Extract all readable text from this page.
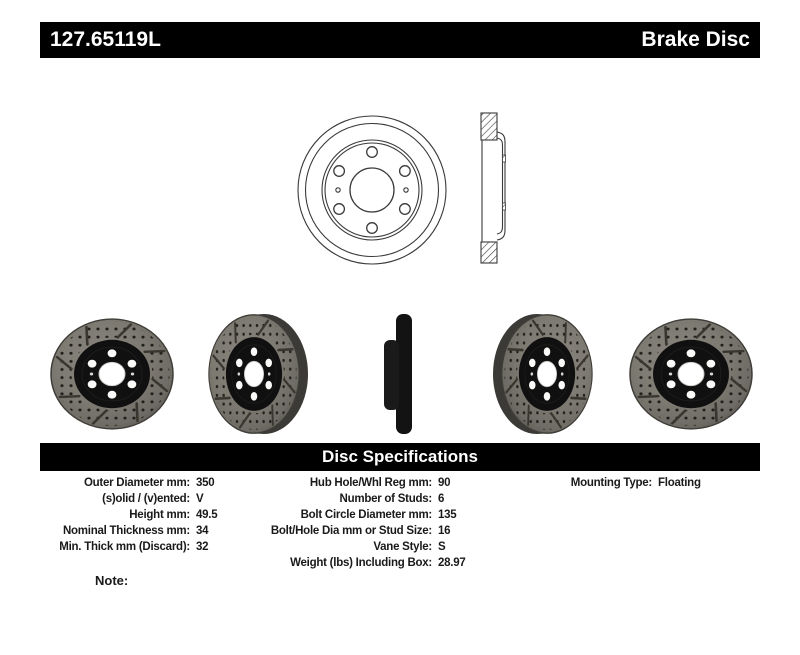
127.65119L	Brake Disc
Disc Specifications
Outer Diameter mm: 350
(s)olid / (v)ented: V
Height mm: 49.5
Nominal Thickness mm: 34
Min. Thick mm (Discard): 32
Hub Hole/Whl Reg mm: 90
Number of Studs: 6
Bolt Circle Diameter mm: 135
Bolt/Hole Dia mm or Stud Size: 16
Vane Style: S
Weight (lbs) Including Box: 28.97
Mounting Type: Floating
Note:
